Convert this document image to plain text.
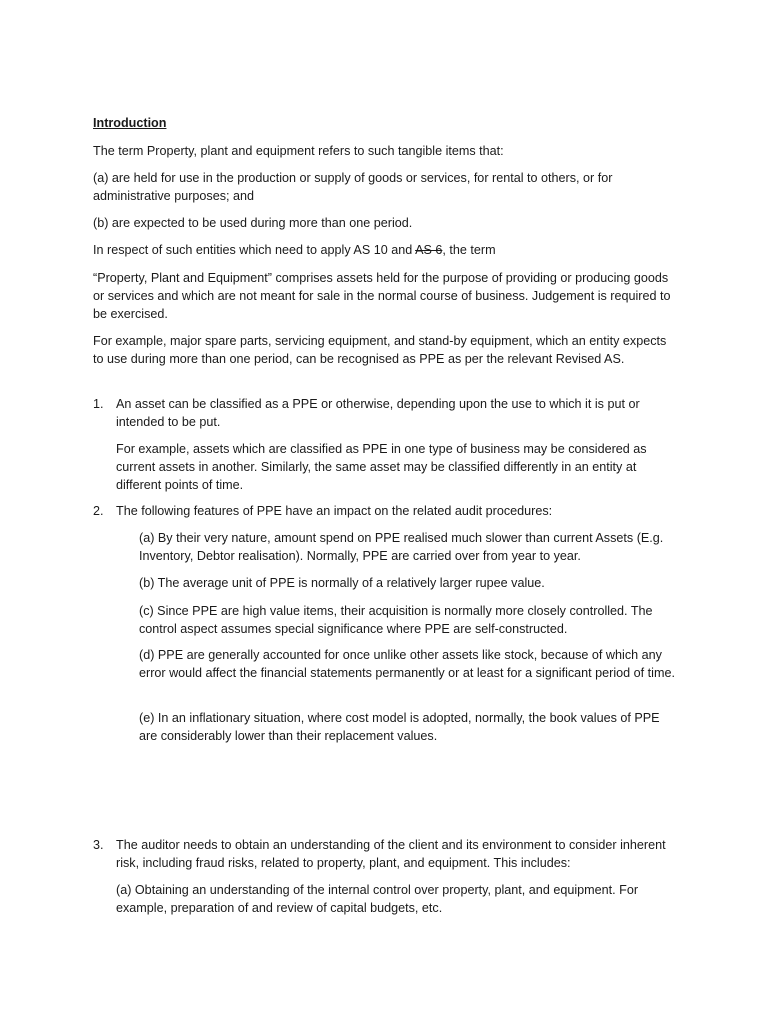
Introduction

The term Property, plant and equipment refers to such tangible items that:

(a) are held for use in the production or supply of goods or services, for rental to others, or for administrative purposes; and

(b) are expected to be used during more than one period.

In respect of such entities which need to apply AS 10 and AS 6, the term

“Property, Plant and Equipment” comprises assets held for the purpose of providing or producing goods or services and which are not meant for sale in the normal course of business. Judgement is required to be exercised.

For example, major spare parts, servicing equipment, and stand-by equipment, which an entity expects to use during more than one period, can be recognised as PPE as per the relevant Revised AS.

1. An asset can be classified as a PPE or otherwise, depending upon the use to which it is put or intended to be put.

For example, assets which are classified as PPE in one type of business may be considered as current assets in another. Similarly, the same asset may be classified differently in an entity at different points of time.

2. The following features of PPE have an impact on the related audit procedures:

(a) By their very nature, amount spend on PPE realised much slower than current Assets (E.g. Inventory, Debtor realisation). Normally, PPE are carried over from year to year.

(b) The average unit of PPE is normally of a relatively larger rupee value.

(c) Since PPE are high value items, their acquisition is normally more closely controlled. The control aspect assumes special significance where PPE are self-constructed.

(d) PPE are generally accounted for once unlike other assets like stock, because of which any error would affect the financial statements permanently or at least for a significant period of time.

(e) In an inflationary situation, where cost model is adopted, normally, the book values of PPE are considerably lower than their replacement values.

3. The auditor needs to obtain an understanding of the client and its environment to consider inherent risk, including fraud risks, related to property, plant, and equipment. This includes:

(a) Obtaining an understanding of the internal control over property, plant, and equipment. For example, preparation of and review of capital budgets, etc.
